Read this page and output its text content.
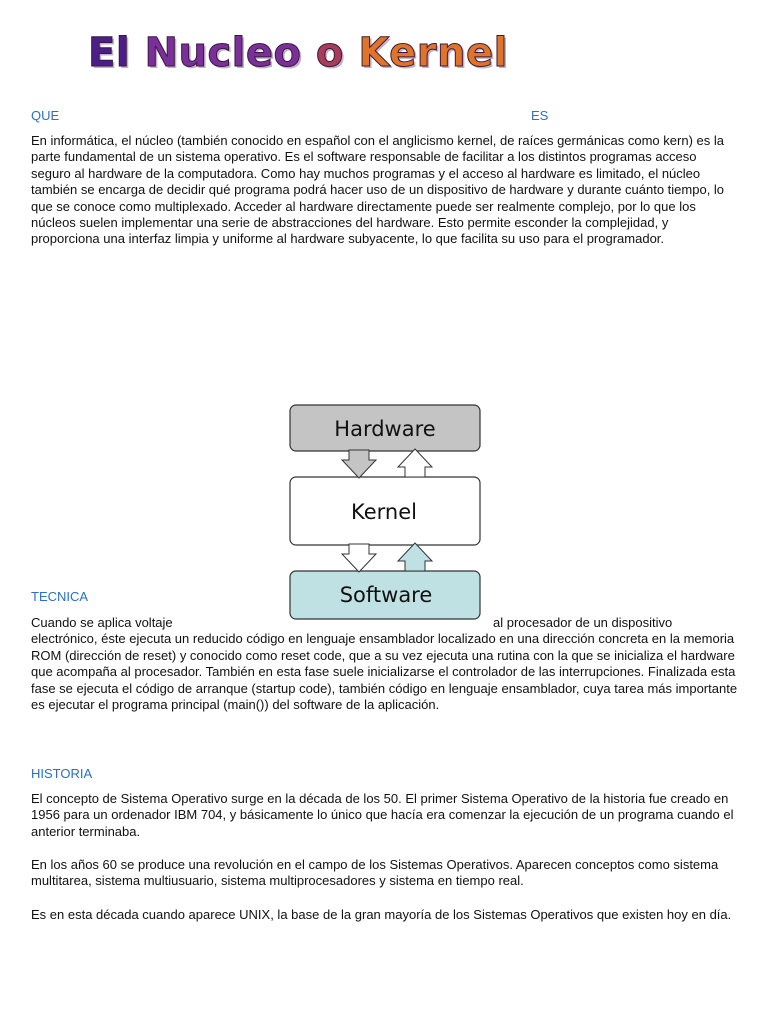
El Nucleo o Kernel
QUE	ES

En informática, el núcleo (también conocido en español con el anglicismo kernel, de raíces germánicas como kern) es la parte fundamental de un sistema operativo. Es el software responsable de facilitar a los distintos programas acceso seguro al hardware de la computadora. Como hay muchos programas y el acceso al hardware es limitado, el núcleo también se encarga de decidir qué programa podrá hacer uso de un dispositivo de hardware y durante cuánto tiempo, lo que se conoce como multiplexado. Acceder al hardware directamente puede ser realmente complejo, por lo que los núcleos suelen implementar una serie de abstracciones del hardware. Esto permite esconder la complejidad, y proporciona una interfaz limpia y uniforme al hardware subyacente, lo que facilita su uso para el programador.

Hardware
Kernel
Software
TECNICA
Cuando se aplica voltaje	al procesador de un dispositivo electrónico, éste ejecuta un reducido código en lenguaje ensamblador localizado en una dirección concreta en la memoria ROM (dirección de reset) y conocido como reset code, que a su vez ejecuta una rutina con la que se inicializa el hardware que acompaña al procesador. También en esta fase suele inicializarse el controlador de las interrupciones. Finalizada esta fase se ejecuta el código de arranque (startup code), también código en lenguaje ensamblador, cuya tarea más importante es ejecutar el programa principal (main()) del software de la aplicación.

HISTORIA

El concepto de Sistema Operativo surge en la década de los 50. El primer Sistema Operativo de la historia fue creado en 1956 para un ordenador IBM 704, y básicamente lo único que hacía era comenzar la ejecución de un programa cuando el anterior terminaba.

En los años 60 se produce una revolución en el campo de los Sistemas Operativos. Aparecen conceptos como sistema multitarea, sistema multiusuario, sistema multiprocesadores y sistema en tiempo real.

Es en esta década cuando aparece UNIX, la base de la gran mayoría de los Sistemas Operativos que existen hoy en día.
